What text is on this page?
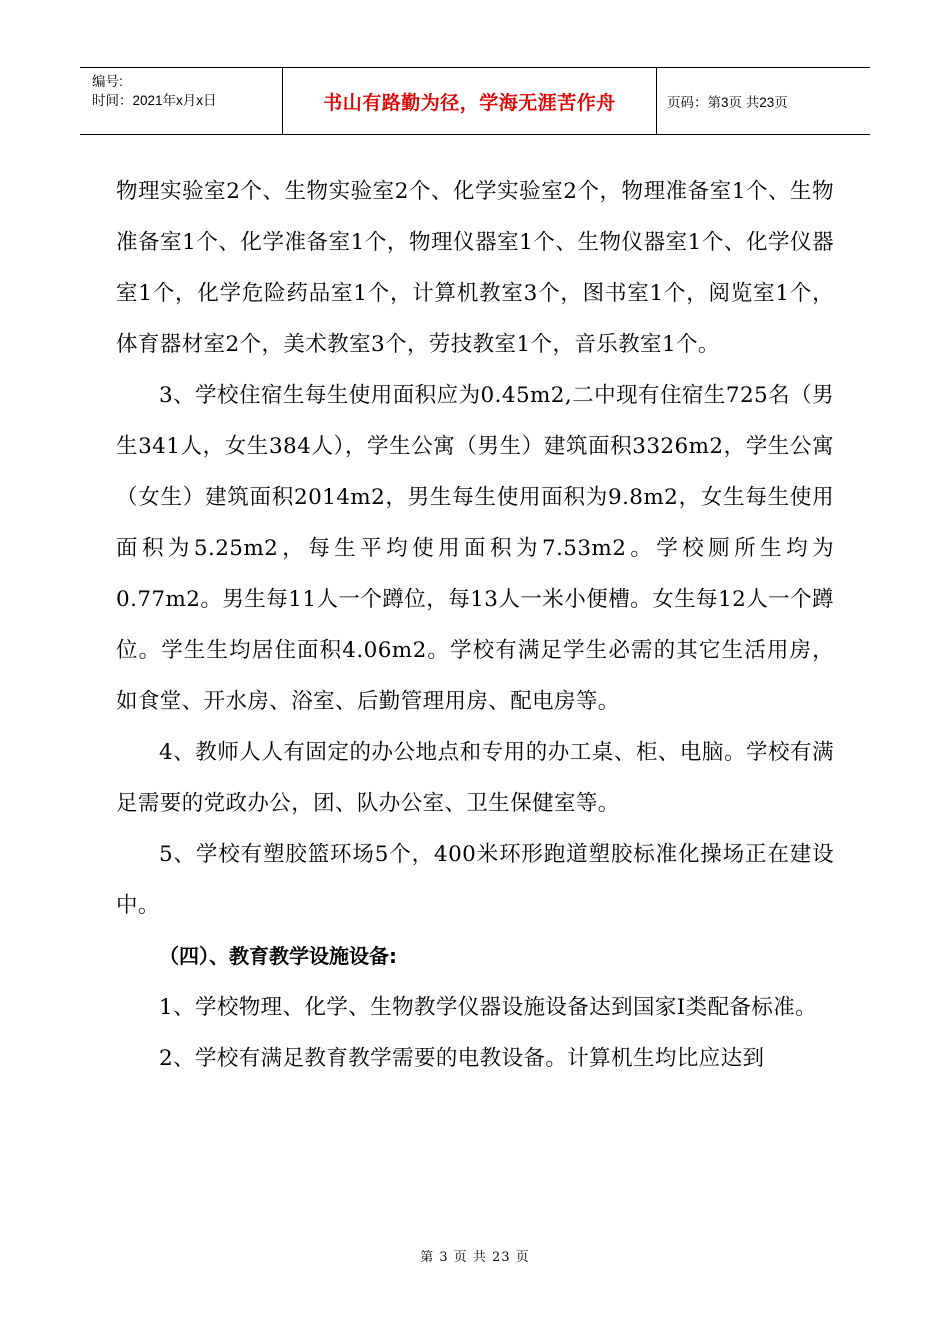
编号:
时间：2021年x月x日	书山有路勤为径，学海无涯苦作舟	页码：第3页 共23页

物理实验室2个、生物实验室2个、化学实验室2个，物理准备室1个、生物准备室1个、化学准备室1个，物理仪器室1个、生物仪器室1个、化学仪器室1个，化学危险药品室1个，计算机教室3个，图书室1个，阅览室1个，体育器材室2个，美术教室3个，劳技教室1个，音乐教室1个。

3、学校住宿生每生使用面积应为0.45m2,二中现有住宿生725名（男生341人，女生384人），学生公寓（男生）建筑面积3326m2，学生公寓（女生）建筑面积2014m2，男生每生使用面积为9.8m2，女生每生使用面积为5.25m2，每生平均使用面积为7.53m2。学校厕所生均为0.77m2。男生每11人一个蹲位，每13人一米小便槽。女生每12人一个蹲位。学生生均居住面积4.06m2。学校有满足学生必需的其它生活用房，如食堂、开水房、浴室、后勤管理用房、配电房等。

4、教师人人有固定的办公地点和专用的办工桌、柜、电脑。学校有满足需要的党政办公，团、队办公室、卫生保健室等。

5、学校有塑胶篮环场5个，400米环形跑道塑胶标准化操场正在建设中。

（四）、教育教学设施设备:

1、学校物理、化学、生物教学仪器设施设备达到国家I类配备标准。

2、学校有满足教育教学需要的电教设备。计算机生均比应达到

第 3 页 共 23 页
